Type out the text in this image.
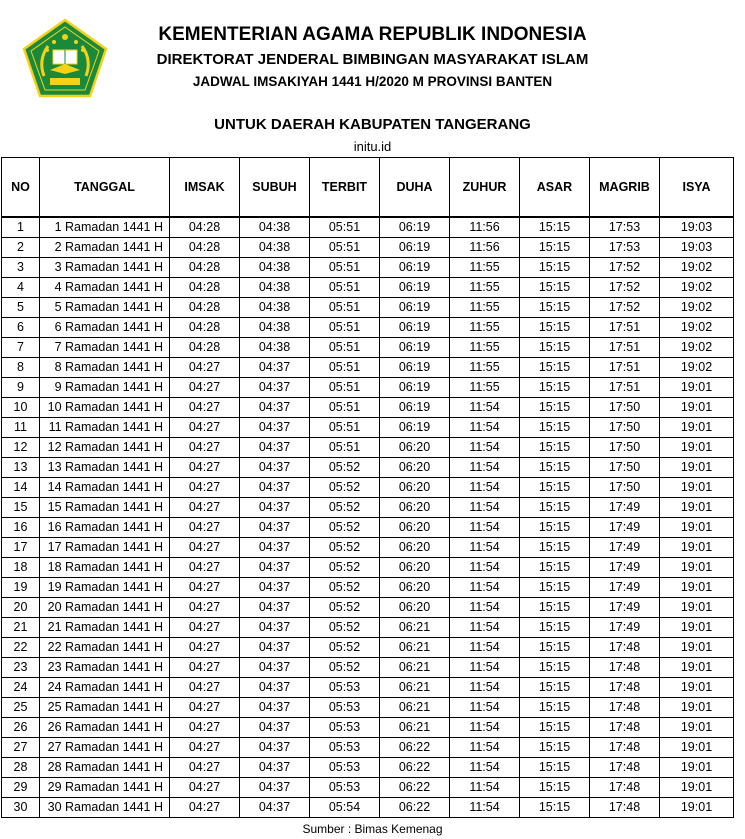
KEMENTERIAN AGAMA REPUBLIK INDONESIA
DIREKTORAT JENDERAL BIMBINGAN MASYARAKAT ISLAM
JADWAL IMSAKIYAH 1441 H/2020 M PROVINSI BANTEN
UNTUK DAERAH KABUPATEN TANGERANG
initu.id
NO	TANGGAL	IMSAK	SUBUH	TERBIT	DUHA	ZUHUR	ASAR	MAGRIB	ISYA
1	1 Ramadan 1441 H	04:28	04:38	05:51	06:19	11:56	15:15	17:53	19:03
2	2 Ramadan 1441 H	04:28	04:38	05:51	06:19	11:56	15:15	17:53	19:03
3	3 Ramadan 1441 H	04:28	04:38	05:51	06:19	11:55	15:15	17:52	19:02
4	4 Ramadan 1441 H	04:28	04:38	05:51	06:19	11:55	15:15	17:52	19:02
5	5 Ramadan 1441 H	04:28	04:38	05:51	06:19	11:55	15:15	17:52	19:02
6	6 Ramadan 1441 H	04:28	04:38	05:51	06:19	11:55	15:15	17:51	19:02
7	7 Ramadan 1441 H	04:28	04:38	05:51	06:19	11:55	15:15	17:51	19:02
8	8 Ramadan 1441 H	04:27	04:37	05:51	06:19	11:55	15:15	17:51	19:02
9	9 Ramadan 1441 H	04:27	04:37	05:51	06:19	11:55	15:15	17:51	19:01
10	10 Ramadan 1441 H	04:27	04:37	05:51	06:19	11:54	15:15	17:50	19:01
11	11 Ramadan 1441 H	04:27	04:37	05:51	06:19	11:54	15:15	17:50	19:01
12	12 Ramadan 1441 H	04:27	04:37	05:51	06:20	11:54	15:15	17:50	19:01
13	13 Ramadan 1441 H	04:27	04:37	05:52	06:20	11:54	15:15	17:50	19:01
14	14 Ramadan 1441 H	04:27	04:37	05:52	06:20	11:54	15:15	17:50	19:01
15	15 Ramadan 1441 H	04:27	04:37	05:52	06:20	11:54	15:15	17:49	19:01
16	16 Ramadan 1441 H	04:27	04:37	05:52	06:20	11:54	15:15	17:49	19:01
17	17 Ramadan 1441 H	04:27	04:37	05:52	06:20	11:54	15:15	17:49	19:01
18	18 Ramadan 1441 H	04:27	04:37	05:52	06:20	11:54	15:15	17:49	19:01
19	19 Ramadan 1441 H	04:27	04:37	05:52	06:20	11:54	15:15	17:49	19:01
20	20 Ramadan 1441 H	04:27	04:37	05:52	06:20	11:54	15:15	17:49	19:01
21	21 Ramadan 1441 H	04:27	04:37	05:52	06:21	11:54	15:15	17:49	19:01
22	22 Ramadan 1441 H	04:27	04:37	05:52	06:21	11:54	15:15	17:48	19:01
23	23 Ramadan 1441 H	04:27	04:37	05:52	06:21	11:54	15:15	17:48	19:01
24	24 Ramadan 1441 H	04:27	04:37	05:53	06:21	11:54	15:15	17:48	19:01
25	25 Ramadan 1441 H	04:27	04:37	05:53	06:21	11:54	15:15	17:48	19:01
26	26 Ramadan 1441 H	04:27	04:37	05:53	06:21	11:54	15:15	17:48	19:01
27	27 Ramadan 1441 H	04:27	04:37	05:53	06:22	11:54	15:15	17:48	19:01
28	28 Ramadan 1441 H	04:27	04:37	05:53	06:22	11:54	15:15	17:48	19:01
29	29 Ramadan 1441 H	04:27	04:37	05:53	06:22	11:54	15:15	17:48	19:01
30	30 Ramadan 1441 H	04:27	04:37	05:54	06:22	11:54	15:15	17:48	19:01
Sumber : Bimas Kemenag
